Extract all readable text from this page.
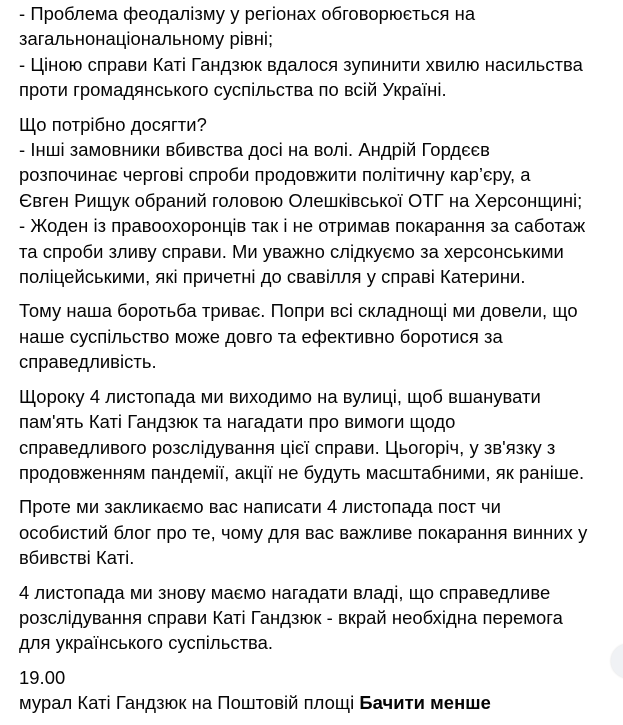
- Проблема феодалізму у регіонах обговорюється на
загальнонаціональному рівні;
- Ціною справи Каті Гандзюк вдалося зупинити хвилю насильства
проти громадянського суспільства по всій Україні.
Що потрібно досягти?
- Інші замовники вбивства досі на волі. Андрій Гордєєв
розпочинає чергові спроби продовжити політичну кар’єру, а
Євген Рищук обраний головою Олешківської ОТГ на Херсонщині;
- Жоден із правоохоронців так і не отримав покарання за саботаж
та спроби зливу справи. Ми уважно слідкуємо за херсонськими
поліцейськими, які причетні до свавілля у справі Катерини.
Тому наша боротьба триває. Попри всі складнощі ми довели, що
наше суспільство може довго та ефективно боротися за
справедливість.
Щороку 4 листопада ми виходимо на вулиці, щоб вшанувати
пам'ять Каті Гандзюк та нагадати про вимоги щодо
справедливого розслідування цієї справи. Цьогоріч, у зв'язку з
продовженням пандемії, акції не будуть масштабними, як раніше.
Проте ми закликаємо вас написати 4 листопада пост чи
особистий блог про те, чому для вас важливе покарання винних у
вбивстві Каті.
4 листопада ми знову маємо нагадати владі, що справедливе
розслідування справи Каті Гандзюк - вкрай необхідна перемога
для українського суспільства.
19.00
мурал Каті Гандзюк на Поштовій площі Бачити менше
